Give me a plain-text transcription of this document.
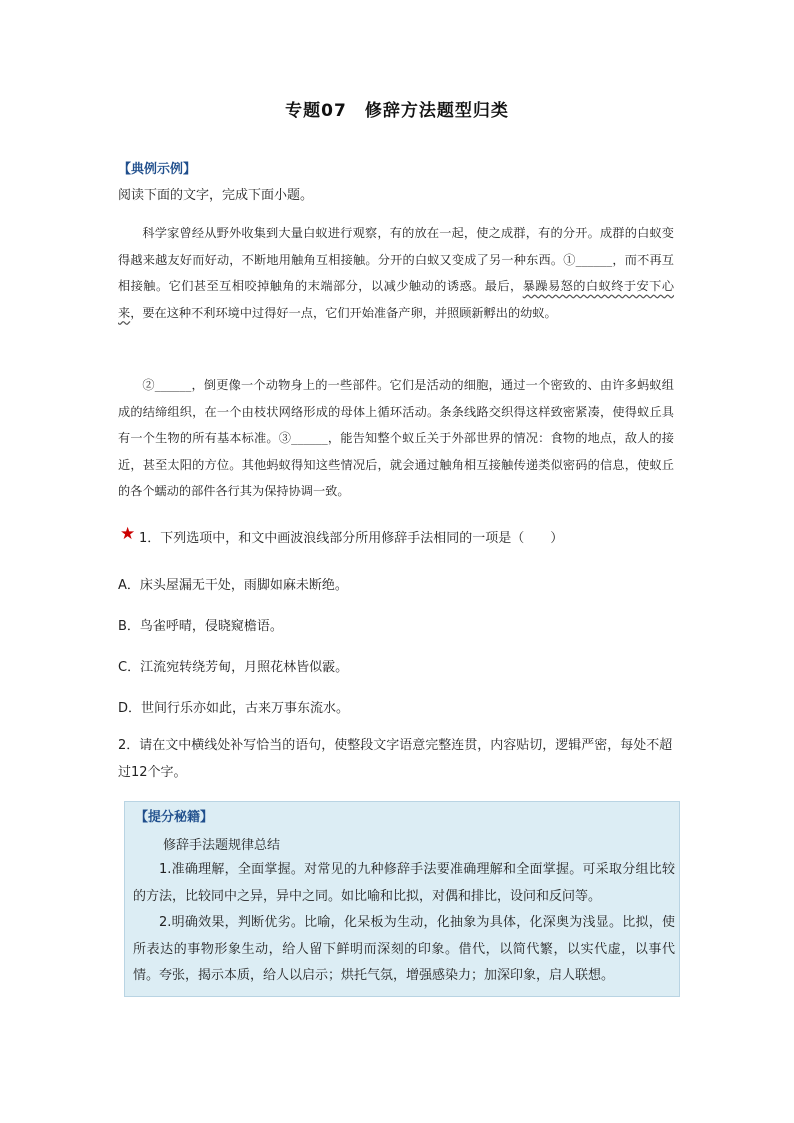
专题07　修辞方法题型归类
【典例示例】
阅读下面的文字，完成下面小题。

科学家曾经从野外收集到大量白蚁进行观察，有的放在一起，使之成群，有的分开。成群的白蚁变得越来越友好而好动，不断地用触角互相接触。分开的白蚁又变成了另一种东西。①______，而不再互相接触。它们甚至互相咬掉触角的末端部分，以减少触动的诱惑。最后，暴躁易怒的白蚁终于安下心来，要在这种不利环境中过得好一点，它们开始准备产卵，并照顾新孵出的幼蚁。

②______，倒更像一个动物身上的一些部件。它们是活动的细胞，通过一个密致的、由许多蚂蚁组成的结缔组织，在一个由枝状网络形成的母体上循环活动。条条线路交织得这样致密紧凑，使得蚁丘具有一个生物的所有基本标准。③______，能告知整个蚁丘关于外部世界的情况：食物的地点，敌人的接近，甚至太阳的方位。其他蚂蚁得知这些情况后，就会通过触角相互接触传递类似密码的信息，使蚁丘的各个蠕动的部件各行其为保持协调一致。

★ 1．下列选项中，和文中画波浪线部分所用修辞手法相同的一项是（　　）
A．床头屋漏无干处，雨脚如麻未断绝。
B．鸟雀呼晴，侵晓窥檐语。
C．江流宛转绕芳甸，月照花林皆似霰。
D．世间行乐亦如此，古来万事东流水。

2．请在文中横线处补写恰当的语句，使整段文字语意完整连贯，内容贴切，逻辑严密，每处不超过12个字。

【提分秘籍】
修辞手法题规律总结

1.准确理解，全面掌握。对常见的九种修辞手法要准确理解和全面掌握。可采取分组比较的方法，比较同中之异，异中之同。如比喻和比拟，对偶和排比，设问和反问等。

2.明确效果，判断优劣。比喻，化呆板为生动，化抽象为具体，化深奥为浅显。比拟，使所表达的事物形象生动，给人留下鲜明而深刻的印象。借代，以简代繁，以实代虚，以事代情。夸张，揭示本质，给人以启示；烘托气氛，增强感染力；加深印象，启人联想。
